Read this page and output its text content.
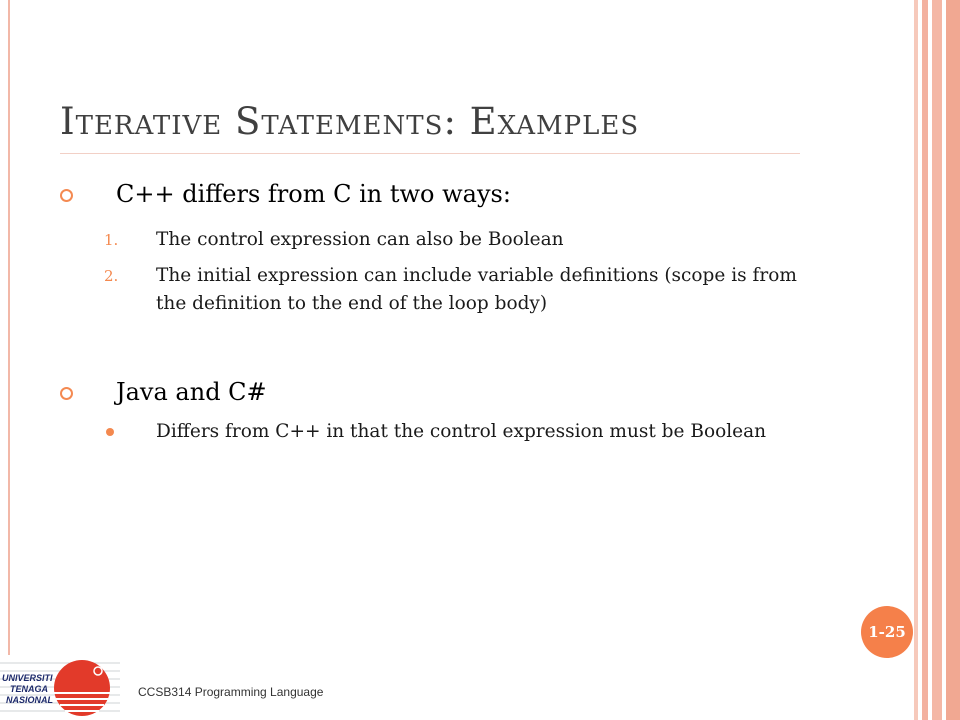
Iterative Statements: Examples
C++ differs from C in two ways:
1. The control expression can also be Boolean
2. The initial expression can include variable definitions (scope is from the definition to the end of the loop body)
Java and C#
Differs from C++ in that the control expression must be Boolean
1-25
CCSB314 Programming Language
UNIVERSITI
TENAGA
NASIONAL
